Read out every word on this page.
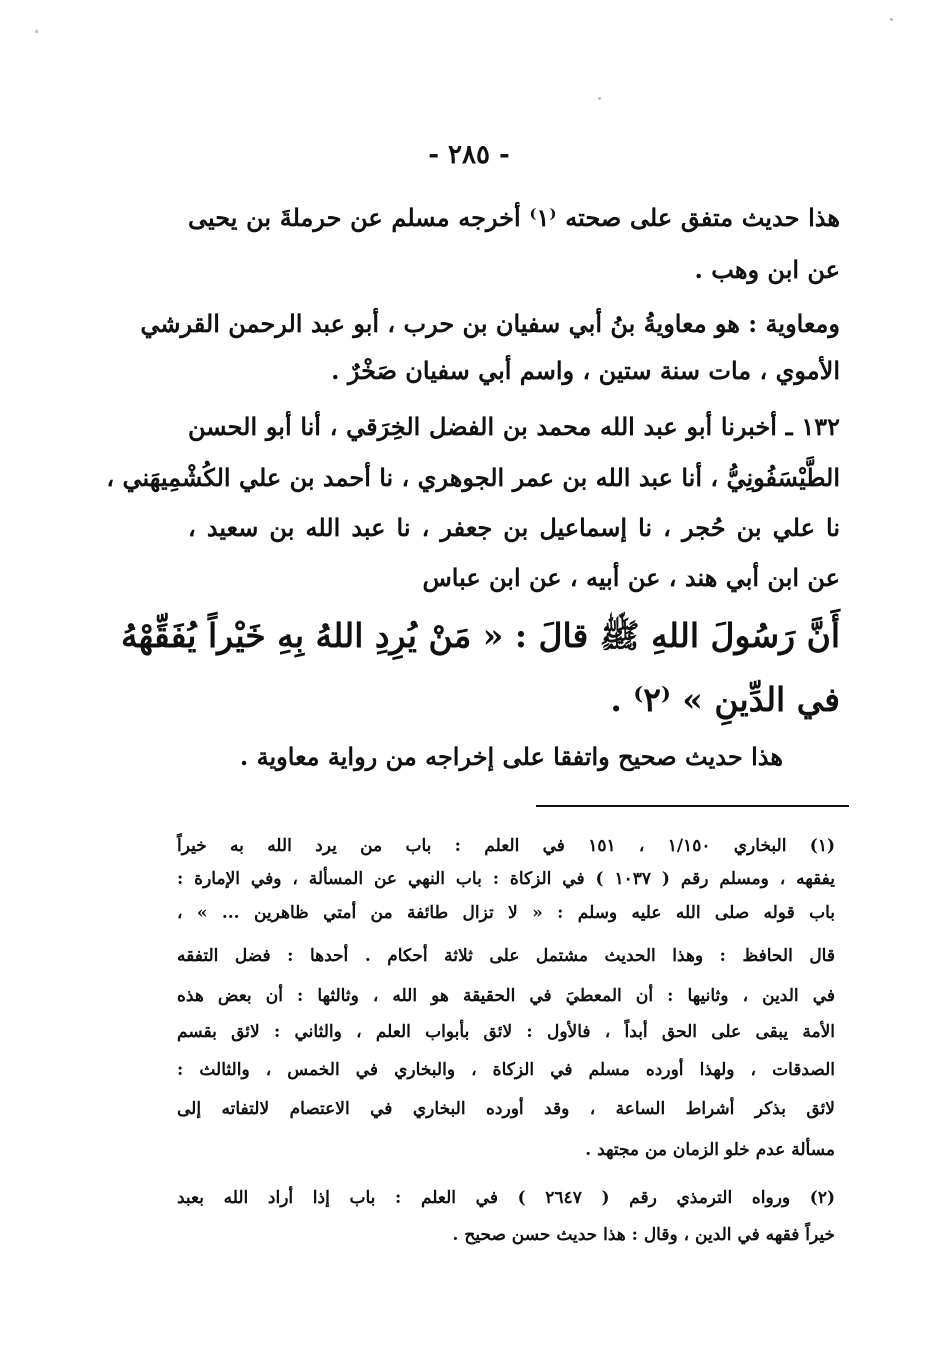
- ٢٨٥ -
هذا حديث متفق على صحته ⁽١⁾ أخرجه مسلم عن حرملةَ بن يحيى
عن ابن وهب .
ومعاوية : هو معاويةُ بنُ أبي سفيان بن حرب ، أبو عبد الرحمن القرشي
الأموي ، مات سنة ستين ، واسم أبي سفيان صَخْرٌ .
١٣٢ ـ أخبرنا أبو عبد الله محمد بن الفضل الخِرَقي ، أنا أبو الحسن
الطَّيْسَفُونِيُّ ، أنا عبد الله بن عمر الجوهري ، نا أحمد بن علي الكُشْمِيهَني ،
نا علي بن حُجر ، نا إسماعيل بن جعفر ، نا عبد الله بن سعيد ،
عن ابن أبي هند ، عن أبيه ، عن ابن عباس
أَنَّ رَسُولَ اللهِ ﷺ قالَ : « مَنْ يُرِدِ اللهُ بِهِ خَيْراً يُفَقِّهْهُ
في الدِّينِ » ⁽٢⁾ .
هذا حديث صحيح واتفقا على إخراجه من رواية معاوية .
(١) البخاري ١/١٥٠ ، ١٥١ في العلم : باب من يرد الله به خيراً
يفقهه ، ومسلم رقم ( ١٠٣٧ ) في الزكاة : باب النهي عن المسألة ، وفي الإمارة :
باب قوله صلى الله عليه وسلم : « لا تزال طائفة من أمتي ظاهرين ... » ،
قال الحافظ : وهذا الحديث مشتمل على ثلاثة أحكام . أحدها : فضل التفقه
في الدين ، وثانيها : أن المعطيَ في الحقيقة هو الله ، وثالثها : أن بعض هذه
الأمة يبقى على الحق أبداً ، فالأول : لائق بأبواب العلم ، والثاني : لائق بقسم
الصدقات ، ولهذا أورده مسلم في الزكاة ، والبخاري في الخمس ، والثالث :
لائق بذكر أشراط الساعة ، وقد أورده البخاري في الاعتصام لالتفاته إلى
مسألة عدم خلو الزمان من مجتهد .
(٢) ورواه الترمذي رقم ( ٢٦٤٧ ) في العلم : باب إذا أراد الله بعبد
خيراً فقهه في الدين ، وقال : هذا حديث حسن صحيح .
